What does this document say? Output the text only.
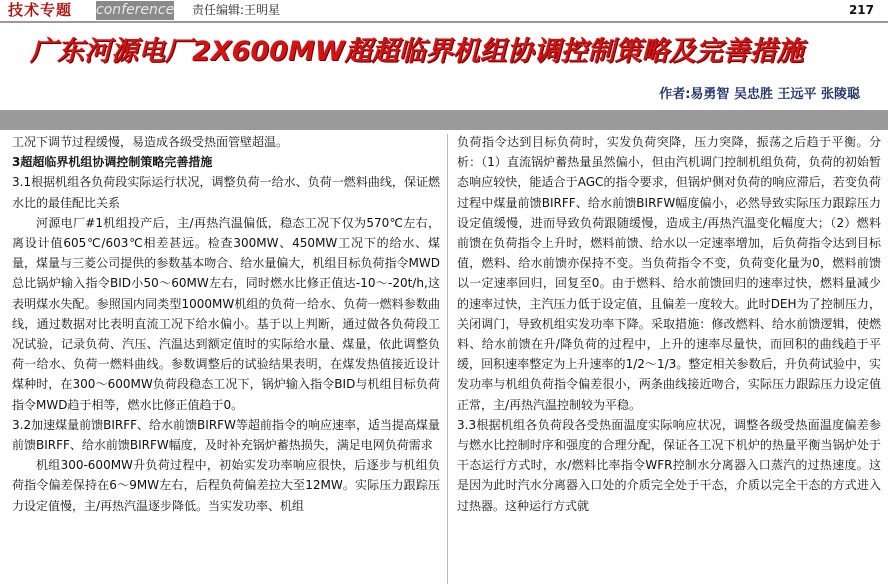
技术专题 conference 责任编辑:王明星	217
广东河源电厂2X600MW超超临界机组协调控制策略及完善措施
作者:易勇智 吴忠胜 王远平 张陵聪

工况下调节过程缓慢，易造成各级受热面管壁超温。

3超超临界机组协调控制策略完善措施

3.1根据机组各负荷段实际运行状况，调整负荷一给水、负荷一燃料曲线，保证燃水比的最佳配比关系

河源电厂#1机组投产后，主/再热汽温偏低，稳态工况下仅为570℃左右，离设计值605℃/603℃相差甚远。检查300MW、450MW工况下的给水、煤量，煤量与三菱公司提供的参数基本吻合、给水量偏大，机组目标负荷指令MWD总比锅炉输入指令BID小50～60MW左右，同时燃水比修正值达-10～-20t/h,这表明煤水失配。参照国内同类型1000MW机组的负荷一给水、负荷一燃料参数曲线，通过数据对比表明直流工况下给水偏小。基于以上判断，通过做各负荷段工况试验，记录负荷、汽压、汽温达到额定值时的实际给水量、煤量，依此调整负荷一给水、负荷一燃料曲线。参数调整后的试验结果表明，在煤发热值接近设计煤种时，在300～600MW负荷段稳态工况下，锅炉输入指令BID与机组目标负荷指令MWD趋于相等，燃水比修正值趋于0。

3.2加速煤量前馈BIRFF、给水前馈BIRFW等超前指令的响应速率，适当提高煤量前馈BIRFF、给水前馈BIRFW幅度，及时补充锅炉蓄热损失，满足电网负荷需求

机组300-600MW升负荷过程中，初始实发功率响应很快，后逐步与机组负荷指令偏差保持在6～9MW左右，后程负荷偏差拉大至12MW。实际压力跟踪压力设定值慢，主/再热汽温逐步降低。当实发功率、机组

负荷指令达到目标负荷时，实发负荷突降，压力突降，振荡之后趋于平衡。分析：（1）直流锅炉蓄热量虽然偏小，但由汽机调门控制机组负荷，负荷的初始暂态响应较快，能适合于AGC的指令要求，但锅炉侧对负荷的响应滞后，若变负荷过程中煤量前馈BIRFF、给水前馈BIRFW幅度偏小，必然导致实际压力跟踪压力设定值缓慢，进而导致负荷跟随缓慢，造成主/再热汽温变化幅度大；（2）燃料前馈在负荷指令上升时，燃料前馈、给水以一定速率增加，后负荷指令达到目标值，燃料、给水前馈亦保持不变。当负荷指令不变，负荷变化量为0，燃料前馈以一定速率回归，回复至0。由于燃料、给水前馈回归的速率过快，燃料量减少的速率过快，主汽压力低于设定值，且偏差一度较大。此时DEH为了控制压力，关闭调门，导致机组实发功率下降。采取措施：修改燃料、给水前馈逻辑，使燃料、给水前馈在升/降负荷的过程中，上升的速率尽量快，而回积的曲线趋于平缓，回积速率整定为上升速率的1/2～1/3。整定相关参数后，升负荷试验中，实发功率与机组负荷指令偏差很小，两条曲线接近吻合，实际压力跟踪压力设定值正常，主/再热汽温控制较为平稳。

3.3根据机组各负荷段各受热面温度实际响应状况，调整各级受热面温度偏差参与燃水比控制时序和强度的合理分配，保证各工况下机炉的热量平衡当锅炉处于干态运行方式时，水/燃料比率指令WFR控制水分离器入口蒸汽的过热速度。这是因为此时汽水分离器入口处的介质完全处于干态，介质以完全干态的方式进入过热器。这种运行方式就
